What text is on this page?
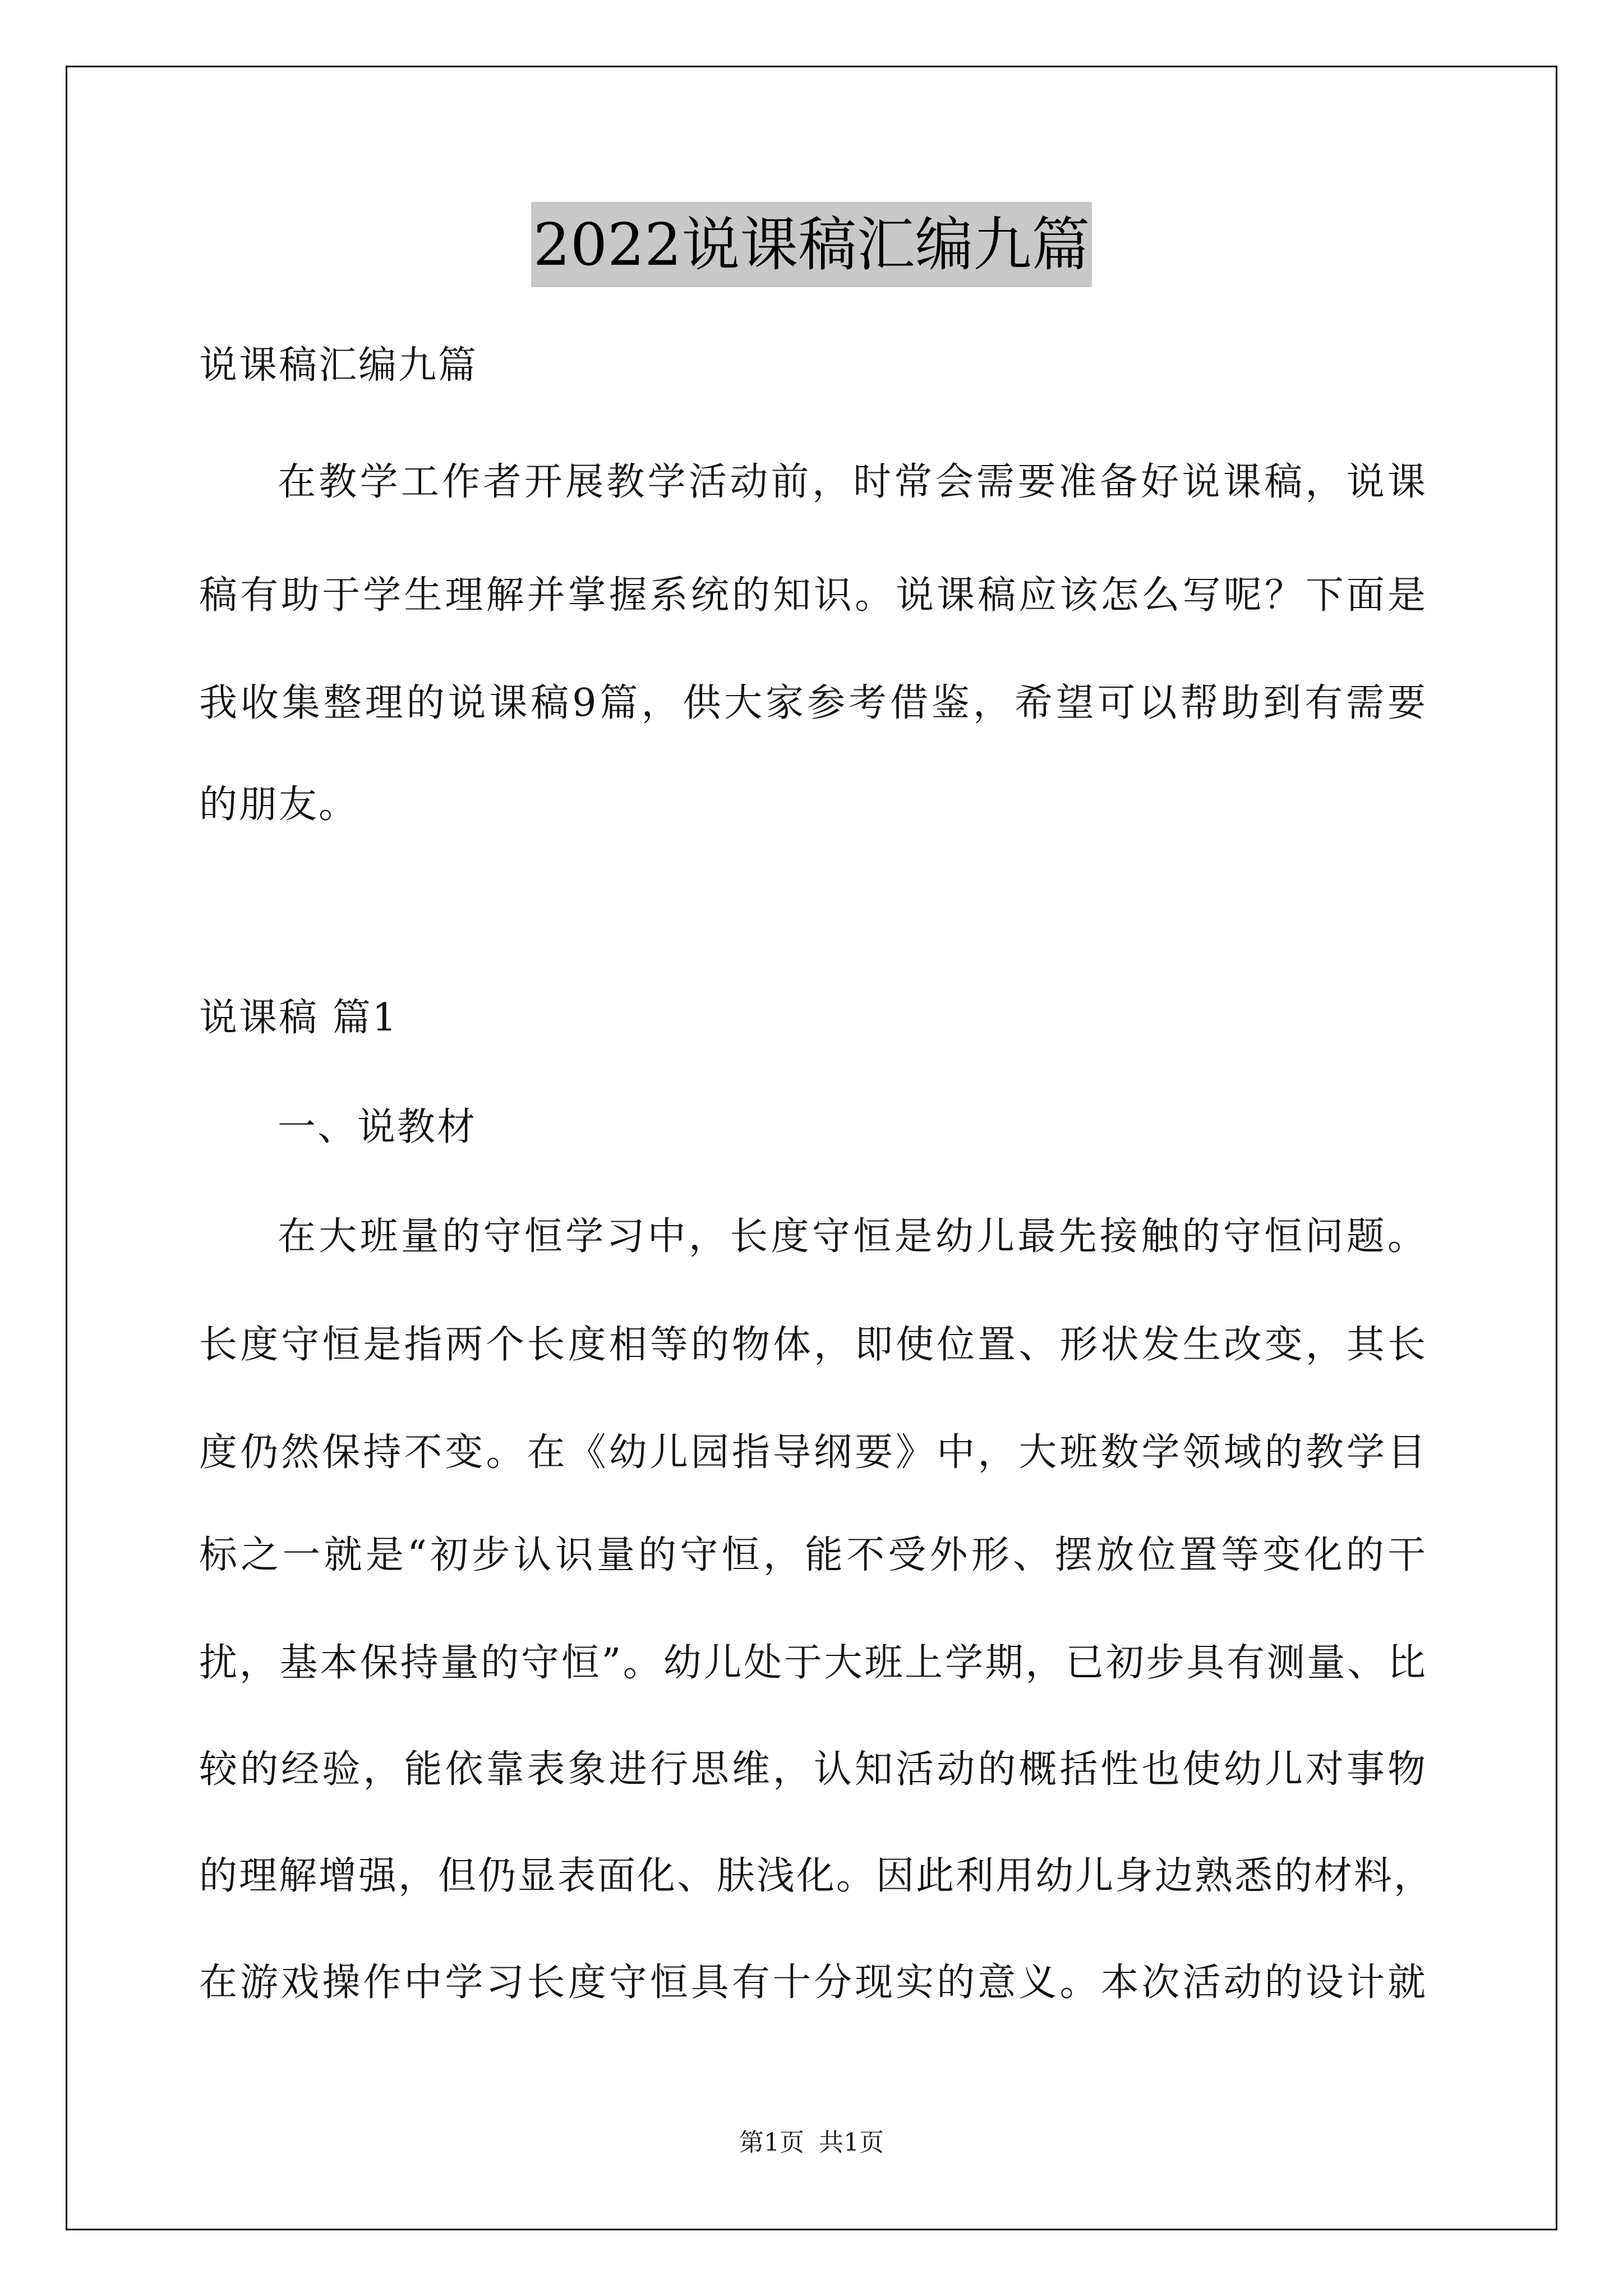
2022说课稿汇编九篇
说课稿汇编九篇
在教学工作者开展教学活动前，时常会需要准备好说课稿，说课
稿有助于学生理解并掌握系统的知识。说课稿应该怎么写呢？下面是
我收集整理的说课稿9篇，供大家参考借鉴，希望可以帮助到有需要
的朋友。
说课稿 篇1
一、说教材
在大班量的守恒学习中，长度守恒是幼儿最先接触的守恒问题。
长度守恒是指两个长度相等的物体，即使位置、形状发生改变，其长
度仍然保持不变。在《幼儿园指导纲要》中，大班数学领域的教学目
标之一就是“初步认识量的守恒，能不受外形、摆放位置等变化的干
扰，基本保持量的守恒”。幼儿处于大班上学期，已初步具有测量、比
较的经验，能依靠表象进行思维，认知活动的概括性也使幼儿对事物
的理解增强，但仍显表面化、肤浅化。因此利用幼儿身边熟悉的材料，
在游戏操作中学习长度守恒具有十分现实的意义。本次活动的设计就
第1页 共1页
